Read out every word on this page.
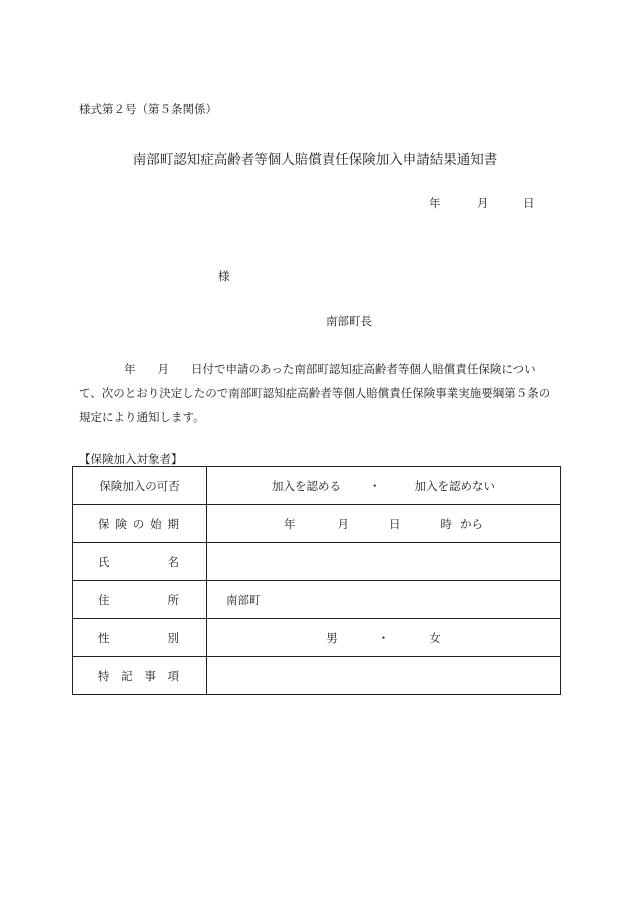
様式第２号（第５条関係）
南部町認知症高齢者等個人賠償責任保険加入申請結果通知書
年	月	日
様
南部町長
年 月 日付で申請のあった南部町認知症高齢者等個人賠償責任保険につい
て、次のとおり決定したので南部町認知症高齢者等個人賠償責任保険事業実施要綱第５条の
規定により通知します。
【保険加入対象者】
保険加入の可否	加入を認める ・ 加入を認めない

保 険 の 始 期	年 月 日 時 から

氏 名	

住 所	南部町

性 別	男 ・ 女

特 記 事 項	
